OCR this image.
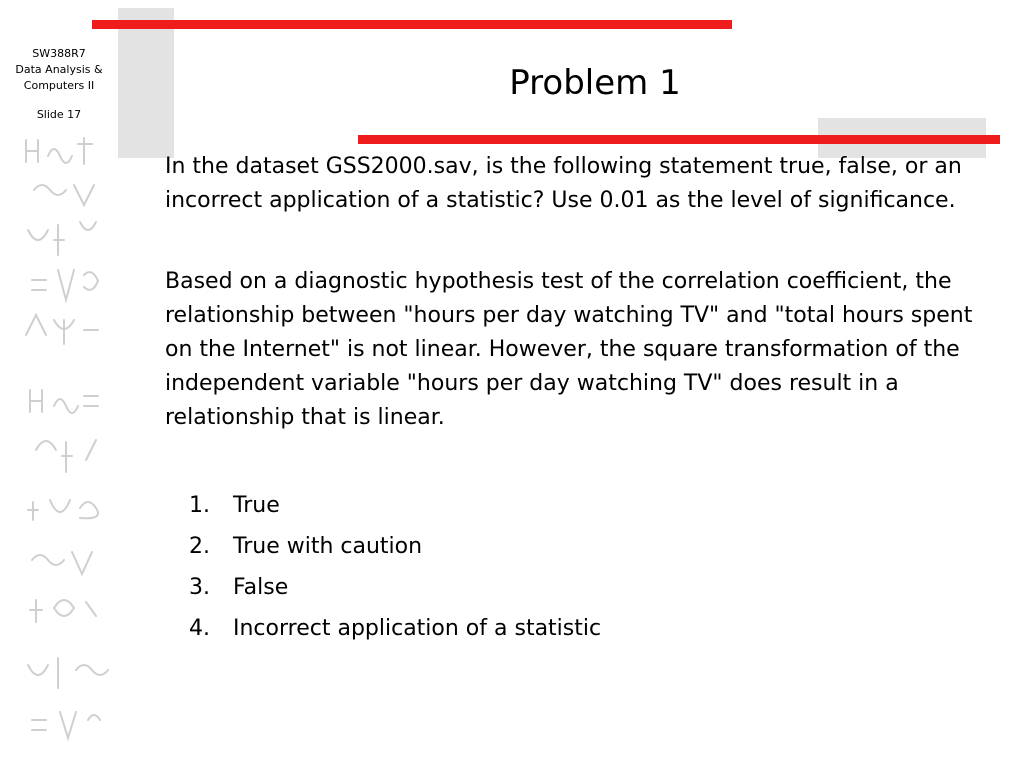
SW388R7
Data Analysis &
Computers II
Slide 17
Problem 1

In the dataset GSS2000.sav, is the following statement true, false, or an incorrect application of a statistic? Use 0.01 as the level of significance.

Based on a diagnostic hypothesis test of the correlation coefficient, the relationship between "hours per day watching TV" and "total hours spent on the Internet" is not linear. However, the square transformation of the independent variable "hours per day watching TV" does result in a relationship that is linear.

1.	True
2.	True with caution
3.	False
4.	Incorrect application of a statistic
